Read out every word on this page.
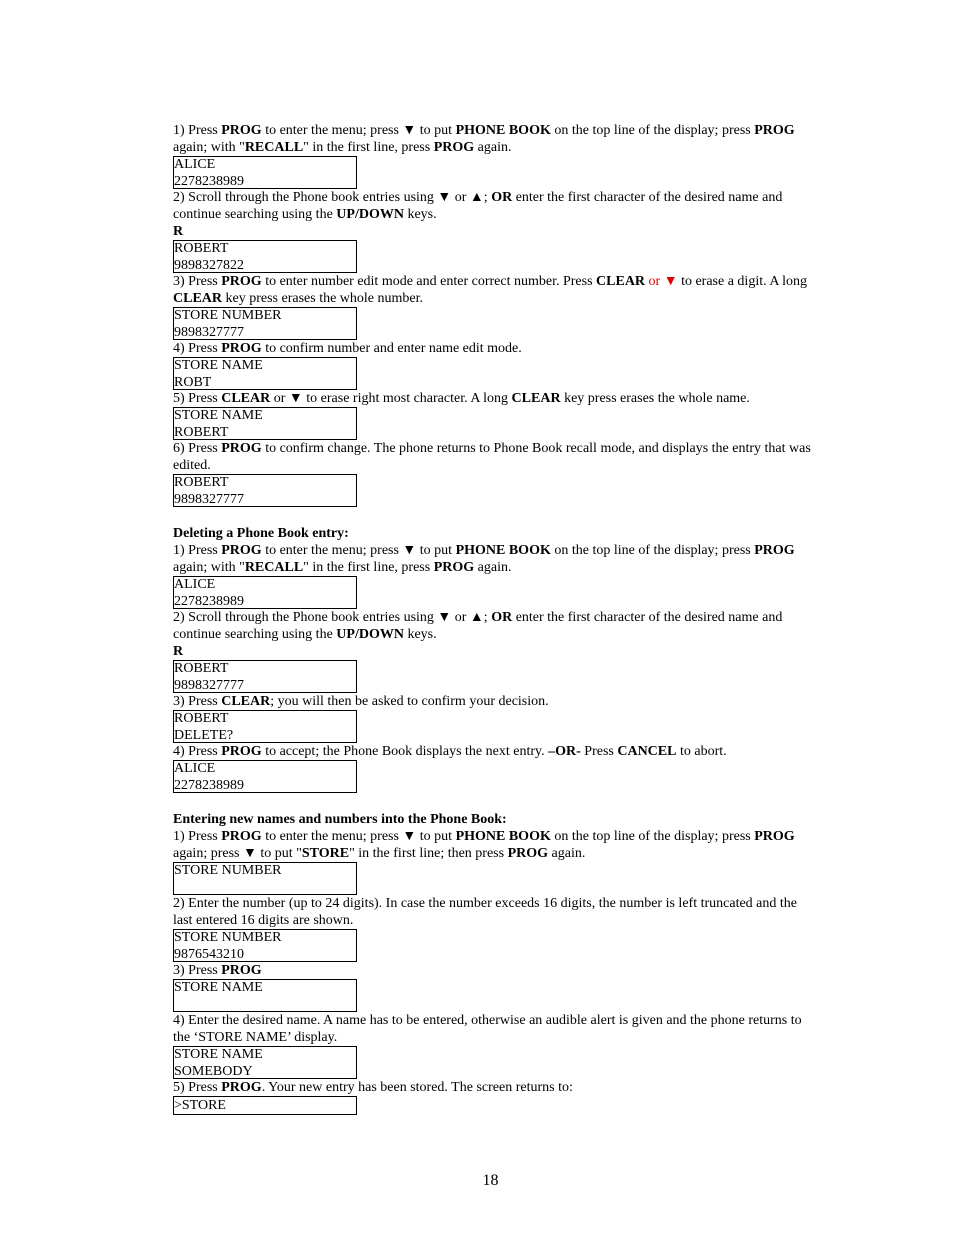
1) Press PROG to enter the menu; press ▼ to put PHONE BOOK on the top line of the display; press PROG again; with "RECALL" in the first line, press PROG again.

ALICE
2278238989

2) Scroll through the Phone book entries using ▼ or ▲; OR enter the first character of the desired name and continue searching using the UP/DOWN keys.

R

ROBERT
9898327822

3) Press PROG to enter number edit mode and enter correct number. Press CLEAR or ▼ to erase a digit. A long CLEAR key press erases the whole number.

STORE NUMBER
9898327777

4) Press PROG to confirm number and enter name edit mode.

STORE NAME
ROBT

5) Press CLEAR or ▼ to erase right most character. A long CLEAR key press erases the whole name.

STORE NAME
ROBERT

6) Press PROG to confirm change. The phone returns to Phone Book recall mode, and displays the entry that was edited.

ROBERT
9898327777

Deleting a Phone Book entry:

1) Press PROG to enter the menu; press ▼ to put PHONE BOOK on the top line of the display; press PROG again; with "RECALL" in the first line, press PROG again.

ALICE
2278238989

2) Scroll through the Phone book entries using ▼ or ▲; OR enter the first character of the desired name and continue searching using the UP/DOWN keys.

R

ROBERT
9898327777

3) Press CLEAR; you will then be asked to confirm your decision.

ROBERT
DELETE?

4) Press PROG to accept; the Phone Book displays the next entry. –OR- Press CANCEL to abort.

ALICE
2278238989

Entering new names and numbers into the Phone Book:

1) Press PROG to enter the menu; press ▼ to put PHONE BOOK on the top line of the display; press PROG again; press ▼ to put "STORE" in the first line; then press PROG again.

STORE NUMBER

2) Enter the number (up to 24 digits). In case the number exceeds 16 digits, the number is left truncated and the last entered 16 digits are shown.

STORE NUMBER
9876543210

3) Press PROG

STORE NAME

4) Enter the desired name. A name has to be entered, otherwise an audible alert is given and the phone returns to the ‘STORE NAME’ display.

STORE NAME
SOMEBODY

5) Press PROG. Your new entry has been stored. The screen returns to:

>STORE
18
